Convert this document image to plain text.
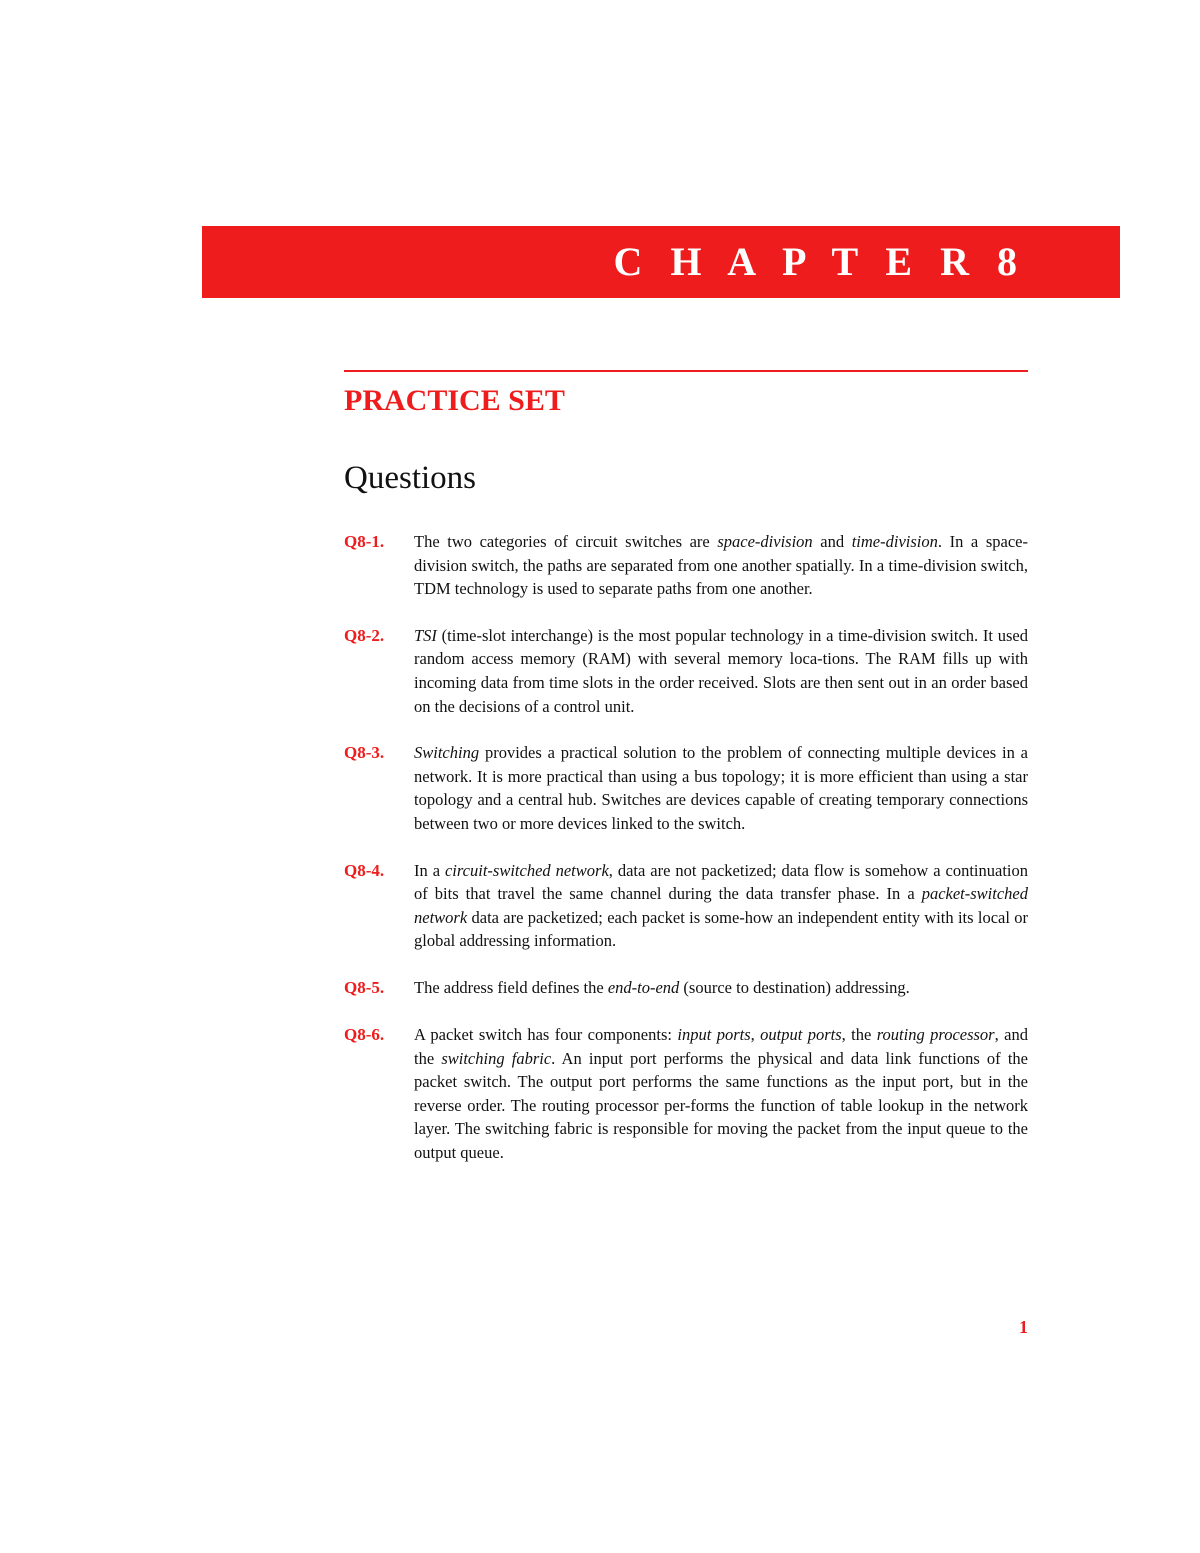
C H A P T E R 8
PRACTICE SET
Questions
Q8-1.	The two categories of circuit switches are space-division and time-division. In a space-division switch, the paths are separated from one another spatially. In a time-division switch, TDM technology is used to separate paths from one another.
Q8-2.	TSI (time-slot interchange) is the most popular technology in a time-division switch. It used random access memory (RAM) with several memory loca-tions. The RAM fills up with incoming data from time slots in the order received. Slots are then sent out in an order based on the decisions of a control unit.
Q8-3.	Switching provides a practical solution to the problem of connecting multiple devices in a network. It is more practical than using a bus topology; it is more efficient than using a star topology and a central hub. Switches are devices capable of creating temporary connections between two or more devices linked to the switch.
Q8-4.	In a circuit-switched network, data are not packetized; data flow is somehow a continuation of bits that travel the same channel during the data transfer phase. In a packet-switched network data are packetized; each packet is some-how an independent entity with its local or global addressing information.
Q8-5.	The address field defines the end-to-end (source to destination) addressing.
Q8-6.	A packet switch has four components: input ports, output ports, the routing processor, and the switching fabric. An input port performs the physical and data link functions of the packet switch. The output port performs the same functions as the input port, but in the reverse order. The routing processor per-forms the function of table lookup in the network layer. The switching fabric is responsible for moving the packet from the input queue to the output queue.
1
